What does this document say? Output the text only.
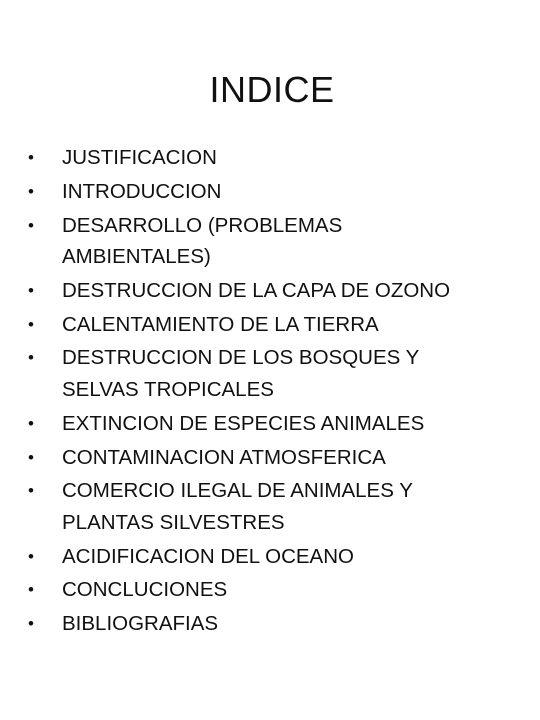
INDICE
•	JUSTIFICACION
•	INTRODUCCION
•	DESARROLLO (PROBLEMAS AMBIENTALES)
•	DESTRUCCION DE LA CAPA DE OZONO
•	CALENTAMIENTO DE LA TIERRA
•	DESTRUCCION DE LOS BOSQUES Y SELVAS TROPICALES
•	EXTINCION DE ESPECIES ANIMALES
•	CONTAMINACION ATMOSFERICA
•	COMERCIO ILEGAL DE ANIMALES Y PLANTAS SILVESTRES
•	ACIDIFICACION DEL OCEANO
•	CONCLUCIONES
•	BIBLIOGRAFIAS
